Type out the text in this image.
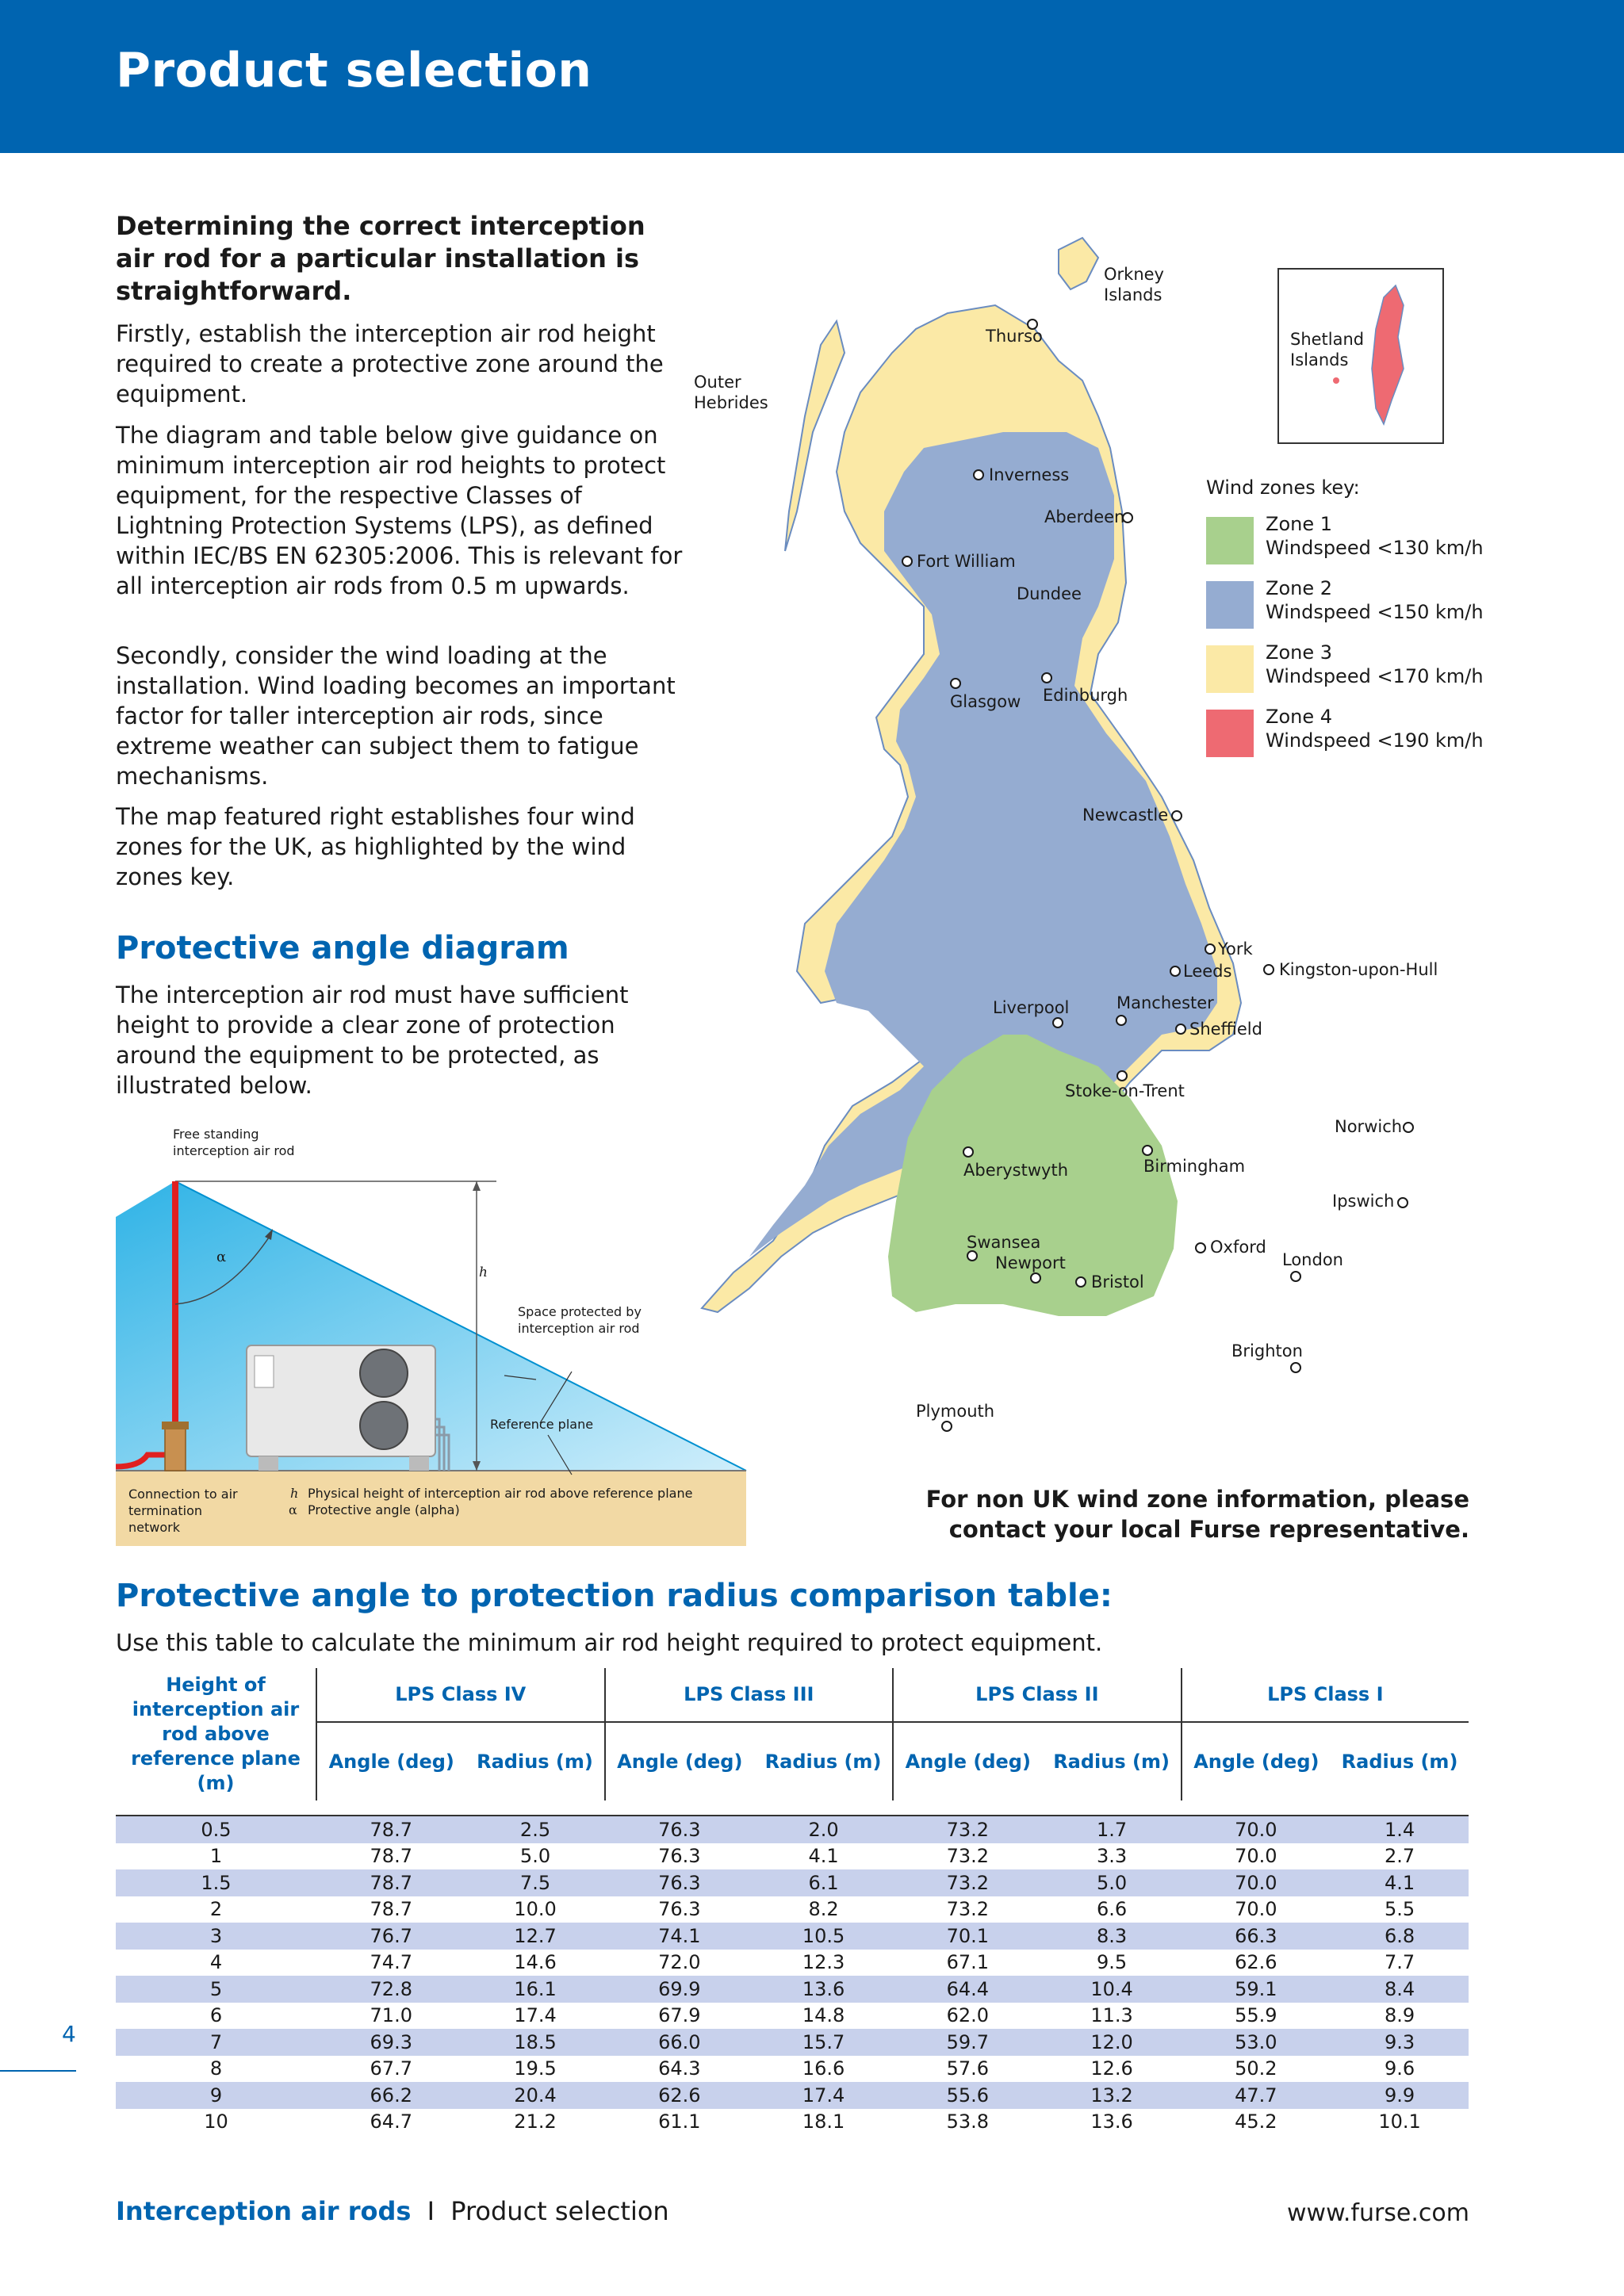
Product selection

Determining the correct interception air rod for a particular installation is straightforward.

Firstly, establish the interception air rod height required to create a protective zone around the equipment.

The diagram and table below give guidance on minimum interception air rod heights to protect equipment, for the respective Classes of Lightning Protection Systems (LPS), as defined within IEC/BS EN 62305:2006. This is relevant for all interception air rods from 0.5 m upwards.

Secondly, consider the wind loading at the installation. Wind loading becomes an important factor for taller interception air rods, since extreme weather can subject them to fatigue mechanisms.

The map featured right establishes four wind zones for the UK, as highlighted by the wind zones key.

Protective angle diagram

The interception air rod must have sufficient height to provide a clear zone of protection around the equipment to be protected, as illustrated below.

Free standing interception air rod
α
h
Space protected by interception air rod
Reference plane
Connection to air termination network
h Physical height of interception air rod above reference plane
α Protective angle (alpha)
Orkney Islands
Shetland Islands
Outer Hebrides
Thurso
Inverness
Aberdeen
Fort William
Dundee
Glasgow Edinburgh
Newcastle
York
Leeds	Kingston-upon-Hull
Liverpool	Manchester
Sheffield
Stoke-on-Trent
Norwich
Aberystwyth	Birmingham
Ipswich
Swansea
Newport
Oxford
London
Bristol
Brighton
Plymouth
Wind zones key:
Zone 1
Windspeed <130 km/h
Zone 2
Windspeed <150 km/h
Zone 3
Windspeed <170 km/h
Zone 4
Windspeed <190 km/h
For non UK wind zone information, please contact your local Furse representative.
Protective angle to protection radius comparison table:
Use this table to calculate the minimum air rod height required to protect equipment.
Height of interception air rod above reference plane (m)	LPS Class IV		LPS Class III		LPS Class II		LPS Class I	
	Angle (deg)	Radius (m)	Angle (deg)	Radius (m)	Angle (deg)	Radius (m)	Angle (deg)	Radius (m)

0.5	78.7	2.5	76.3	2.0	73.2	1.7	70.0	1.4
1	78.7	5.0	76.3	4.1	73.2	3.3	70.0	2.7
1.5	78.7	7.5	76.3	6.1	73.2	5.0	70.0	4.1
2	78.7	10.0	76.3	8.2	73.2	6.6	70.0	5.5
3	76.7	12.7	74.1	10.5	70.1	8.3	66.3	6.8
4	74.7	14.6	72.0	12.3	67.1	9.5	62.6	7.7
5	72.8	16.1	69.9	13.6	64.4	10.4	59.1	8.4
6	71.0	17.4	67.9	14.8	62.0	11.3	55.9	8.9
7	69.3	18.5	66.0	15.7	59.7	12.0	53.0	9.3
8	67.7	19.5	64.3	16.6	57.6	12.6	50.2	9.6
9	66.2	20.4	62.6	17.4	55.6	13.2	47.7	9.9
10	64.7	21.2	61.1	18.1	53.8	13.6	45.2	10.1
4
Interception air rods I Product selection	www.furse.com
